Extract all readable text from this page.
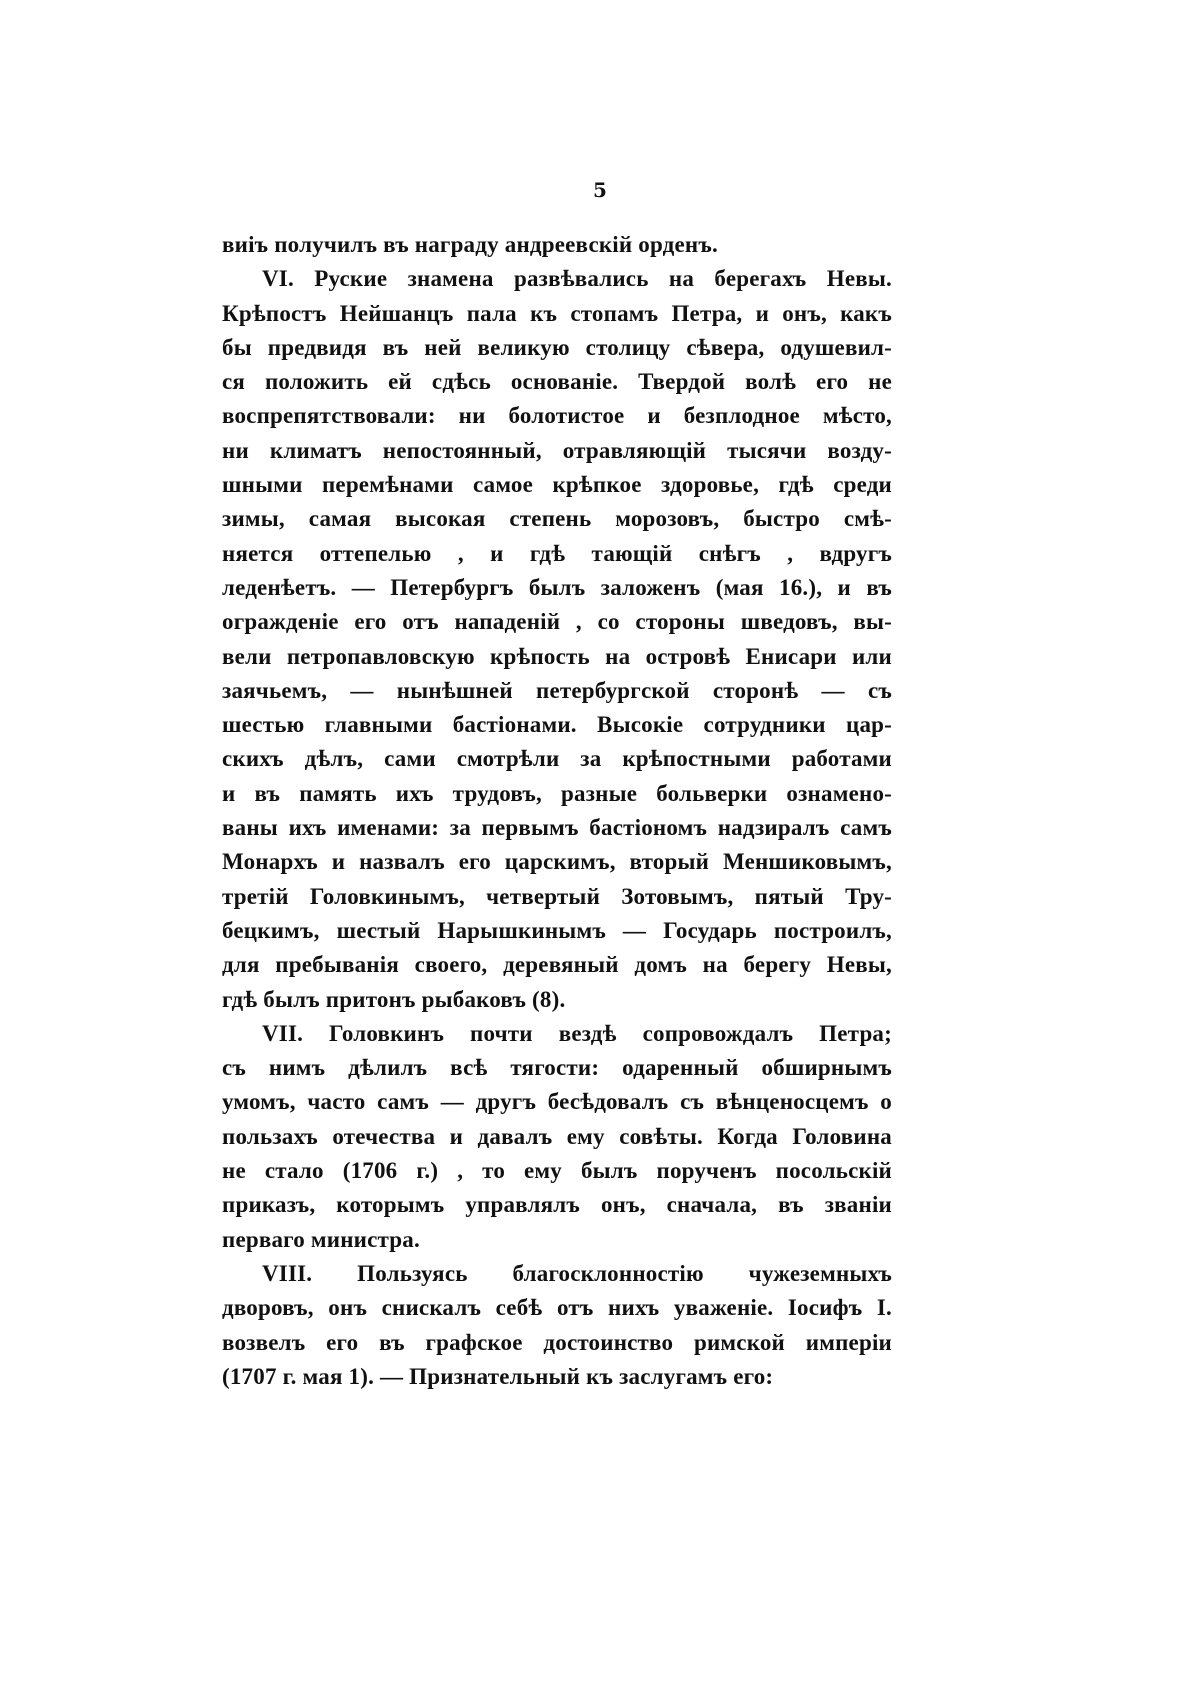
5
виіъ получилъ въ награду андреевскій орденъ.
VI. Руские знамена развѣвались на берегахъ Невы.
Крѣпостъ Нейшанцъ пала къ стопамъ Петра, и онъ, какъ
бы предвидя въ ней великую столицу сѣвера, одушевил-
ся положить ей сдѣсь основаніе. Твердой волѣ его не
воспрепятствовали: ни болотистое и безплодное мѣсто,
ни климатъ непостоянный, отравляющій тысячи возду-
шными перемѣнами самое крѣпкое здоровье, гдѣ среди
зимы, самая высокая степень морозовъ, быстро смѣ-
няется оттепелью , и гдѣ тающій снѣгъ , вдругъ
леденѣетъ. — Петербургъ былъ заложенъ (мая 16.), и въ
огражденіе его отъ нападеній , со стороны шведовъ, вы-
вели петропавловскую крѣпость на островѣ Енисари или
заячьемъ, — нынѣшней петербургской сторонѣ — съ
шестью главными бастіонами. Высокіе сотрудники цар-
скихъ дѣлъ, сами смотрѣли за крѣпостными работами
и въ память ихъ трудовъ, разные больверки ознамено-
ваны ихъ именами: за первымъ бастіономъ надзиралъ самъ
Монархъ и назвалъ его царскимъ, вторый Меншиковымъ,
третій Головкинымъ, четвертый Зотовымъ, пятый Тру-
бецкимъ, шестый Нарышкинымъ — Государь построилъ,
для пребыванія своего, деревяный домъ на берегу Невы,
гдѣ былъ притонъ рыбаковъ (8).
VII. Головкинъ почти вездѣ сопровождалъ Петра;
съ нимъ дѣлилъ всѣ тягости: одаренный обширнымъ
умомъ, часто самъ — другъ бесѣдовалъ съ вѣнценосцемъ о
пользахъ отечества и давалъ ему совѣты. Когда Головина
не стало (1706 г.) , то ему былъ порученъ посольскій
приказъ, которымъ управлялъ онъ, сначала, въ званіи
перваго министра.
VIII. Пользуясь благосклонностію чужеземныхъ
дворовъ, онъ снискалъ себѣ отъ нихъ уваженіе. Іосифъ I.
возвелъ его въ графское достоинство римской имперіи
(1707 г. мая 1). — Признательный къ заслугамъ его:
